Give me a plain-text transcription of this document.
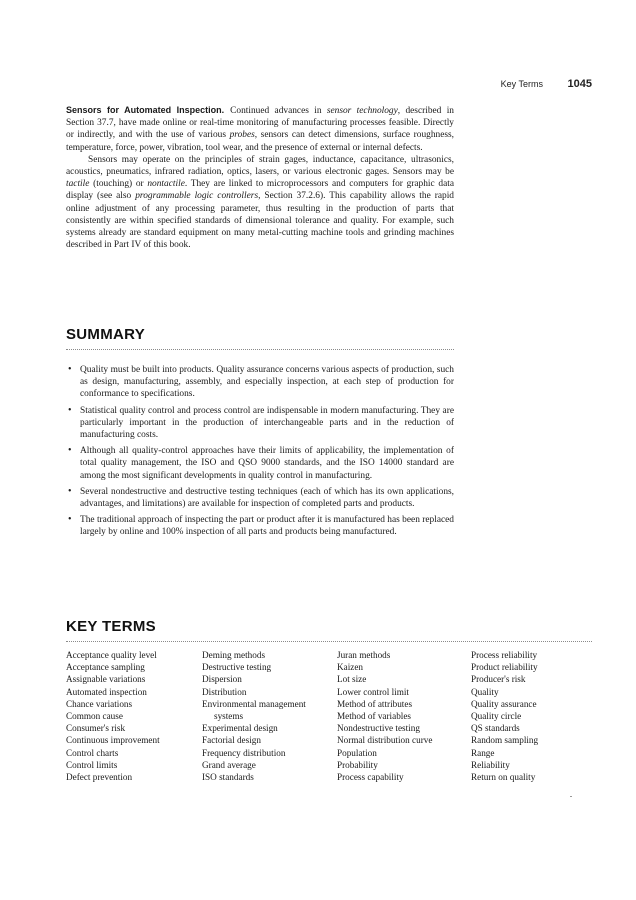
Key Terms 1045

Sensors for Automated Inspection. Continued advances in sensor technology, described in Section 37.7, have made online or real-time monitoring of manufacturing processes feasible. Directly or indirectly, and with the use of various probes, sensors can detect dimensions, surface roughness, temperature, force, power, vibration, tool wear, and the presence of external or internal defects.

Sensors may operate on the principles of strain gages, inductance, capacitance, ultrasonics, acoustics, pneumatics, infrared radiation, optics, lasers, or various electronic gages. Sensors may be tactile (touching) or nontactile. They are linked to microprocessors and computers for graphic data display (see also programmable logic controllers, Section 37.2.6). This capability allows the rapid online adjustment of any processing parameter, thus resulting in the production of parts that consistently are within specified standards of dimensional tolerance and quality. For example, such systems already are standard equipment on many metal-cutting machine tools and grinding machines described in Part IV of this book.

SUMMARY
• Quality must be built into products. Quality assurance concerns various aspects of production, such as design, manufacturing, assembly, and especially inspection, at each step of production for conformance to specifications.
• Statistical quality control and process control are indispensable in modern manufacturing. They are particularly important in the production of interchangeable parts and in the reduction of manufacturing costs.
• Although all quality-control approaches have their limits of applicability, the implementation of total quality management, the ISO and QSO 9000 standards, and the ISO 14000 standard are among the most significant developments in quality control in manufacturing.
• Several nondestructive and destructive testing techniques (each of which has its own applications, advantages, and limitations) are available for inspection of completed parts and products.
• The traditional approach of inspecting the part or product after it is manufactured has been replaced largely by online and 100% inspection of all parts and products being manufactured.
KEY TERMS
Acceptance quality level
Acceptance sampling
Assignable variations
Automated inspection
Chance variations
Common cause
Consumer's risk
Continuous improvement
Control charts
Control limits
Defect prevention
Deming methods
Destructive testing
Dispersion
Distribution
Environmental management
systems
Experimental design
Factorial design
Frequency distribution
Grand average
ISO standards
Juran methods
Kaizen
Lot size
Lower control limit
Method of attributes
Method of variables
Nondestructive testing
Normal distribution curve
Population
Probability
Process capability
Process reliability
Product reliability
Producer's risk
Quality
Quality assurance
Quality circle
QS standards
Random sampling
Range
Reliability
Return on quality
